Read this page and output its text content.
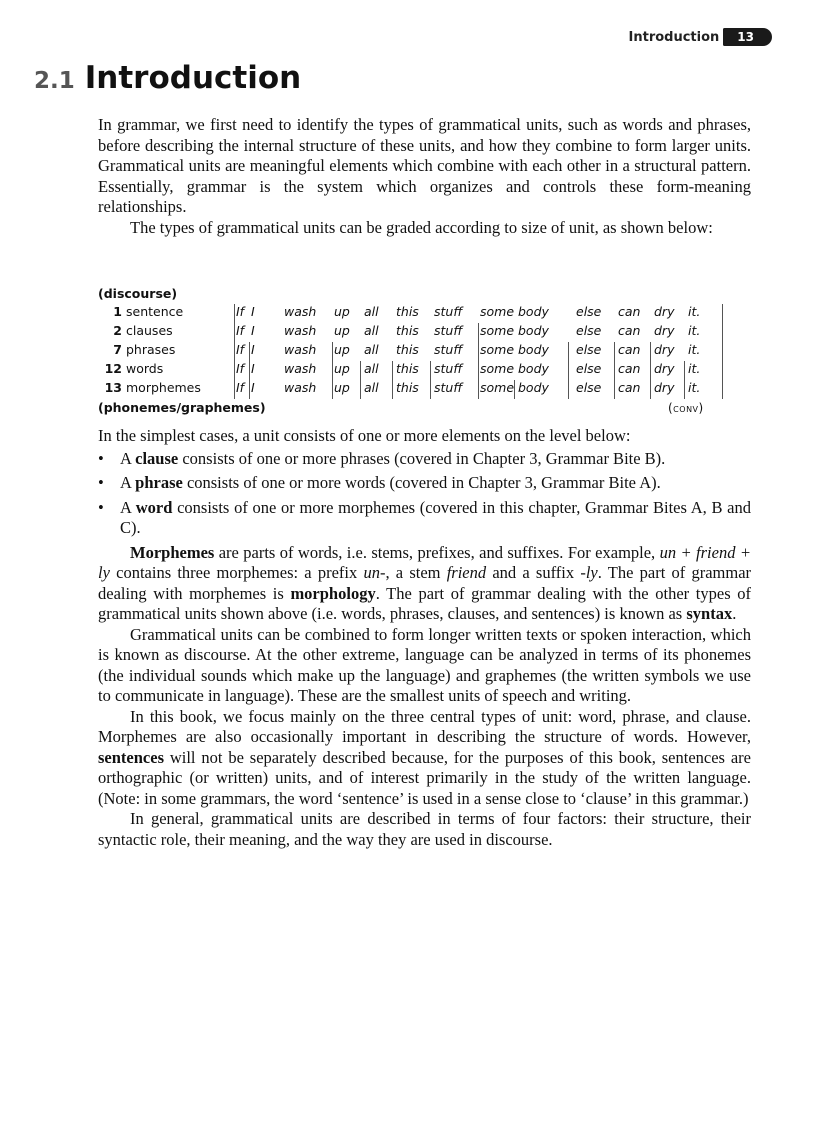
Introduction	13
2.1 Introduction

In grammar, we first need to identify the types of grammatical units, such as words and phrases, before describing the internal structure of these units, and how they combine to form larger units. Grammatical units are meaningful elements which combine with each other in a structural pattern. Essentially, grammar is the system which organizes and controls these form-meaning relationships.

The types of grammatical units can be graded according to size of unit, as shown below:

(discourse)
1 sentence	If I wash up all this stuff some body else can dry it.
2 clauses	If I wash up all this stuff some body else can dry it.
7 phrases	If I wash up all this stuff some body else can dry it.
12 words	If I wash up all this stuff some body else can dry it.
13 morphemes	If I wash up all this stuff some body else can dry it.
(phonemes/graphemes)	(conv)

In the simplest cases, a unit consists of one or more elements on the level below:

• A clause consists of one or more phrases (covered in Chapter 3, Grammar Bite B).
• A phrase consists of one or more words (covered in Chapter 3, Grammar Bite A).
• A word consists of one or more morphemes (covered in this chapter, Grammar Bites A, B and C).

Morphemes are parts of words, i.e. stems, prefixes, and suffixes. For example, un + friend + ly contains three morphemes: a prefix un-, a stem friend and a suffix -ly. The part of grammar dealing with morphemes is morphology. The part of grammar dealing with the other types of grammatical units shown above (i.e. words, phrases, clauses, and sentences) is known as syntax.

Grammatical units can be combined to form longer written texts or spoken interaction, which is known as discourse. At the other extreme, language can be analyzed in terms of its phonemes (the individual sounds which make up the language) and graphemes (the written symbols we use to communicate in language). These are the smallest units of speech and writing.

In this book, we focus mainly on the three central types of unit: word, phrase, and clause. Morphemes are also occasionally important in describing the structure of words. However, sentences will not be separately described because, for the purposes of this book, sentences are orthographic (or written) units, and of interest primarily in the study of the written language. (Note: in some grammars, the word ‘sentence’ is used in a sense close to ‘clause’ in this grammar.)

In general, grammatical units are described in terms of four factors: their structure, their syntactic role, their meaning, and the way they are used in discourse.
